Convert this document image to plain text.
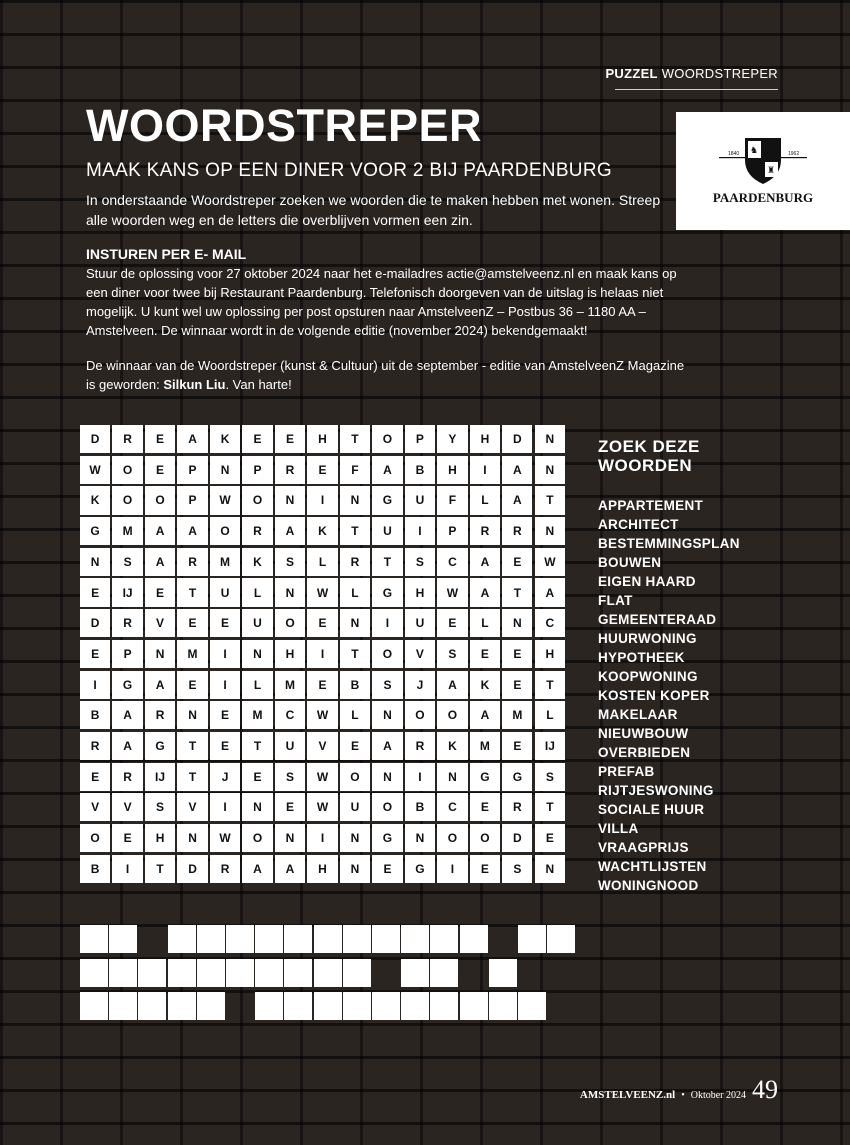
PUZZEL WOORDSTREPER
WOORDSTREPER
MAAK KANS OP EEN DINER VOOR 2 BIJ PAARDENBURG

In onderstaande Woordstreper zoeken we woorden die te maken hebben met wonen. Streep alle woorden weg en de letters die overblijven vormen een zin.

INSTUREN PER E- MAIL

Stuur de oplossing voor 27 oktober 2024 naar het e-mailadres actie@amstelveenz.nl en maak kans op een diner voor twee bij Restaurant Paardenburg. Telefonisch doorgeven van de uitslag is helaas niet mogelijk. U kunt wel uw oplossing per post opsturen naar AmstelveenZ – Postbus 36 – 1180 AA – Amstelveen. De winnaar wordt in de volgende editie (november 2024) bekendgemaakt!

De winnaar van de Woordstreper (kunst & Cultuur) uit de september - editie van AmstelveenZ Magazine is geworden: Silkun Liu. Van harte!

♞
♜
1840	1962
PAARDENBURG
D	R	E	A	K	E	E	H	T	O	P	Y	H	D	N
W	O	E	P	N	P	R	E	F	A	B	H	I	A	N
K	O	O	P	W	O	N	I	N	G	U	F	L	A	T
G	M	A	A	O	R	A	K	T	U	I	P	R	R	N
N	S	A	R	M	K	S	L	R	T	S	C	A	E	W
E	IJ	E	T	U	L	N	W	L	G	H	W	A	T	A
D	R	V	E	E	U	O	E	N	I	U	E	L	N	C
E	P	N	M	I	N	H	I	T	O	V	S	E	E	H
I	G	A	E	I	L	M	E	B	S	J	A	K	E	T
B	A	R	N	E	M	C	W	L	N	O	O	A	M	L
R	A	G	T	E	T	U	V	E	A	R	K	M	E	IJ
E	R	IJ	T	J	E	S	W	O	N	I	N	G	G	S
V	V	S	V	I	N	E	W	U	O	B	C	E	R	T
O	E	H	N	W	O	N	I	N	G	N	O	O	D	E
B	I	T	D	R	A	A	H	N	E	G	I	E	S	N
ZOEK DEZE WOORDEN
APPARTEMENT
ARCHITECT
BESTEMMINGSPLAN
BOUWEN
EIGEN HAARD
FLAT
GEMEENTERAAD
HUURWONING
HYPOTHEEK
KOOPWONING
KOSTEN KOPER
MAKELAAR
NIEUWBOUW
OVERBIEDEN
PREFAB
RIJTJESWONING
SOCIALE HUUR
VILLA
VRAAGPRIJS
WACHTLIJSTEN
WONINGNOOD
AMSTELVEENZ.nl • Oktober 2024 49
